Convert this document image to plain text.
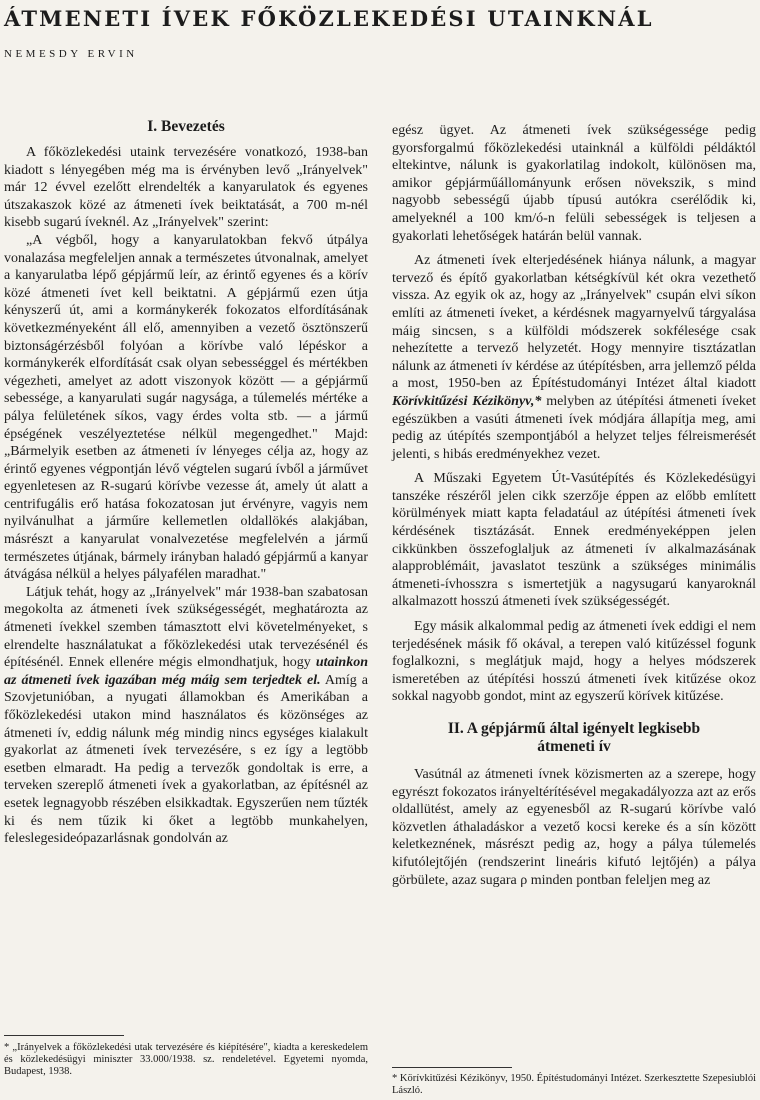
ÁTMENETI ÍVEK FŐKÖZLEKEDÉSI UTAINKNÁL
NEMESDY ERVIN
I. Bevezetés

A főközlekedési utaink tervezésére vonatkozó, 1938-ban kiadott s lényegében még ma is érvényben levő „Irányelvek" már 12 évvel ezelőtt elrendelték a kanyarulatok és egyenes útszakaszok közé az átmeneti ívek beiktatását, a 700 m-nél kisebb sugarú íveknél. Az „Irányelvek" szerint:

„A végből, hogy a kanyarulatokban fekvő útpálya vonalazása megfeleljen annak a természetes útvonalnak, amelyet a kanyarulatba lépő gépjármű leír, az érintő egyenes és a körív közé átmeneti ívet kell beiktatni. A gépjármű ezen útja kényszerű út, ami a kormánykerék fokozatos elfordításának következményeként áll elő, amennyiben a vezető ösztönszerű biztonságérzésből folyóan a körívbe való lépéskor a kormánykerék elfordítását csak olyan sebességgel és mértékben végezheti, amelyet az adott viszonyok között — a gépjármű sebessége, a kanyarulati sugár nagysága, a túlemelés mértéke a pálya felületének síkos, vagy érdes volta stb. — a jármű épségének veszélyeztetése nélkül megengedhet." Majd: „Bármelyik esetben az átmeneti ív lényeges célja az, hogy az érintő egyenes végpontján lévő végtelen sugarú ívből a járművet egyenletesen az R-sugarú körívbe vezesse át, amely út alatt a centrifugális erő hatása fokozatosan jut érvényre, vagyis nem nyilvánulhat a járműre kellemetlen oldallökés alakjában, másrészt a kanyarulat vonalvezetése megfelelvén a jármű természetes útjának, bármely irányban haladó gépjármű a kanyar átvágása nélkül a helyes pályafélen maradhat."

Látjuk tehát, hogy az „Irányelvek" már 1938-ban szabatosan megokolta az átmeneti ívek szükségességét, meghatározta az átmeneti ívekkel szemben támasztott elvi követelményeket, s elrendelte használatukat a főközlekedési utak tervezésénél és építésénél. Ennek ellenére mégis elmondhatjuk, hogy utainkon az átmeneti ívek igazában még máig sem terjedtek el. Amíg a Szovjetunióban, a nyugati államokban és Amerikában a főközlekedési utakon mind használatos és közönséges az átmeneti ív, eddig nálunk még mindig nincs egységes kialakult gyakorlat az átmeneti ívek tervezésére, s ez így a legtöbb esetben elmaradt. Ha pedig a tervezők gondoltak is erre, a terveken szereplő átmeneti ívek a gyakorlatban, az építésnél az esetek legnagyobb részében elsikkadtak. Egyszerűen nem tűzték ki és nem tűzik ki őket a legtöbb munkahelyen, feleslegesideópazarlásnak gondolván az

* „Irányelvek a főközlekedési utak tervezésére és kiépítésére", kiadta a kereskedelem és közlekedésügyi miniszter 33.000/1938. sz. rendeletével. Egyetemi nyomda, Budapest, 1938.

egész ügyet. Az átmeneti ívek szükségessége pedig gyorsforgalmú főközlekedési utainknál a külföldi példáktól eltekintve, nálunk is gyakorlatilag indokolt, különösen ma, amikor gépjárműállományunk erősen növekszik, s mind nagyobb sebességű újabb típusú autókra cserélődik ki, amelyeknél a 100 km/ó-n felüli sebességek is teljesen a gyakorlati lehetőségek határán belül vannak.

Az átmeneti ívek elterjedésének hiánya nálunk, a magyar tervező és építő gyakorlatban kétségkívül két okra vezethető vissza. Az egyik ok az, hogy az „Irányelvek" csupán elvi síkon említi az átmeneti íveket, a kérdésnek magyarnyelvű tárgyalása máig sincsen, s a külföldi módszerek sokfélesége csak nehezítette a tervező helyzetét. Hogy mennyire tisztázatlan nálunk az átmeneti ív kérdése az útépítésben, arra jellemző példa a most, 1950-ben az Építéstudományi Intézet által kiadott Körívkitűzési Kézikönyv,* melyben az útépítési átmeneti íveket egészükben a vasúti átmeneti ívek módjára állapítja meg, ami pedig az útépítés szempontjából a helyzet teljes félreismerését jelenti, s hibás eredményekhez vezet.

A Műszaki Egyetem Út-Vasútépítés és Közlekedésügyi tanszéke részéről jelen cikk szerzője éppen az előbb említett körülmények miatt kapta feladatául az útépítési átmeneti ívek kérdésének tisztázását. Ennek eredményeképpen jelen cikkünkben összefoglaljuk az átmeneti ív alkalmazásának alapproblémáit, javaslatot teszünk a szükséges minimális átmeneti-ívhosszra s ismertetjük a nagysugarú kanyaroknál alkalmazott hosszú átmeneti ívek szükségességét.

Egy másik alkalommal pedig az átmeneti ívek eddigi el nem terjedésének másik fő okával, a terepen való kitűzéssel fogunk foglalkozni, s meglátjuk majd, hogy a helyes módszerek ismeretében az útépítési hosszú átmeneti ívek kitűzése okoz sokkal nagyobb gondot, mint az egyszerű körívek kitűzése.

II. A gépjármű által igényelt legkisebb
átmeneti ív

Vasútnál az átmeneti ívnek közismerten az a szerepe, hogy egyrészt fokozatos irányeltérítésével megakadályozza azt az erős oldallütést, amely az egyenesből az R-sugarú körívbe való közvetlen áthaladáskor a vezető kocsi kereke és a sín között keletkeznének, másrészt pedig az, hogy a pálya túlemelés kifutólejtőjén (rendszerint lineáris kifutó lejtőjén) a pálya görbülete, azaz sugara ρ minden pontban feleljen meg az

* Körívkitűzési Kézikönyv, 1950. Építéstudományi Intézet. Szerkesztette Szepesiublói László.
